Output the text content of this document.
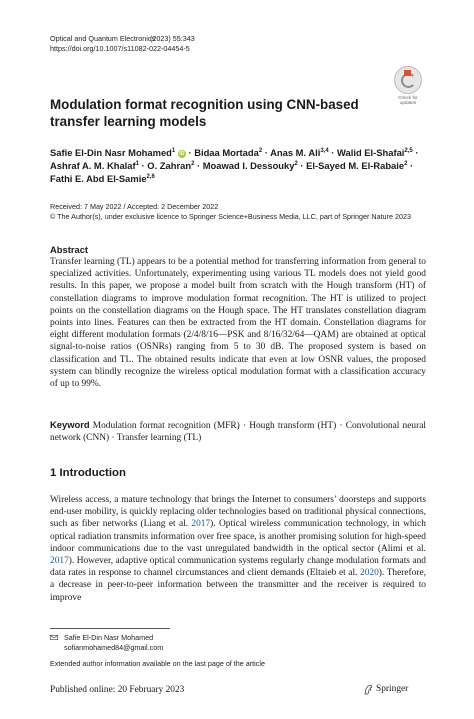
Optical and Quantum Electronics
(2023) 55:343
https://doi.org/10.1007/s11082-022-04454-5
Check for
updates
Modulation format recognition using CNN-based transfer learning models
Safie El-Din Nasr Mohamed$^1$ iD · Bidaa Mortada$^2$ · Anas M. Ali$^{3,4}$ · Walid El-Shafai$^{2,5}$ · Ashraf A. M. Khalaf$^1$ · O. Zahran$^2$ · Moawad I. Dessouky$^2$ · El-Sayed M. El-Rabaie$^2$ · Fathi E. Abd El-Samie$^{2,6}$
Received: 7 May 2022 / Accepted: 2 December 2022
© The Author(s), under exclusive licence to Springer Science+Business Media, LLC, part of Springer Nature 2023
Abstract
Transfer learning (TL) appears to be a potential method for transferring information from general to specialized activities. Unfortunately, experimenting using various TL models does not yield good results. In this paper, we propose a model built from scratch with the Hough transform (HT) of constellation diagrams to improve modulation format recognition. The HT is utilized to project points on the constellation diagrams on the Hough space. The HT translates constellation diagram points into lines. Features can then be extracted from the HT domain. Constellation diagrams for eight different modulation formats (2/4/8/16—PSK and 8/16/32/64—QAM) are obtained at optical signal-to-noise ratios (OSNRs) ranging from 5 to 30 dB. The proposed system is based on classification and TL. The obtained results indicate that even at low OSNR values, the proposed system can blindly recognize the wireless optical modulation format with a classification accuracy of up to 99%.
Keyword Modulation format recognition (MFR) · Hough transform (HT) · Convolutional neural network (CNN) · Transfer learning (TL)
1 Introduction
Wireless access, a mature technology that brings the Internet to consumers’ doorsteps and supports end-user mobility, is quickly replacing older technologies based on traditional physical connections, such as fiber networks (Liang et al. 2017). Optical wireless communication technology, in which optical radiation transmits information over free space, is another promising solution for high-speed indoor communications due to the vast unregulated bandwidth in the optical sector (Alimi et al. 2017). However, adaptive optical communication systems regularly change modulation formats and data rates in response to channel circumstances and client demands (Eltaieb et al. 2020). Therefore, a decrease in peer-to-peer information between the transmitter and the receiver is required to improve
Safie El-Din Nasr Mohamed
sofianmohamed84@gmail.com
Extended author information available on the last page of the article
Published online: 20 February 2023	Springer
